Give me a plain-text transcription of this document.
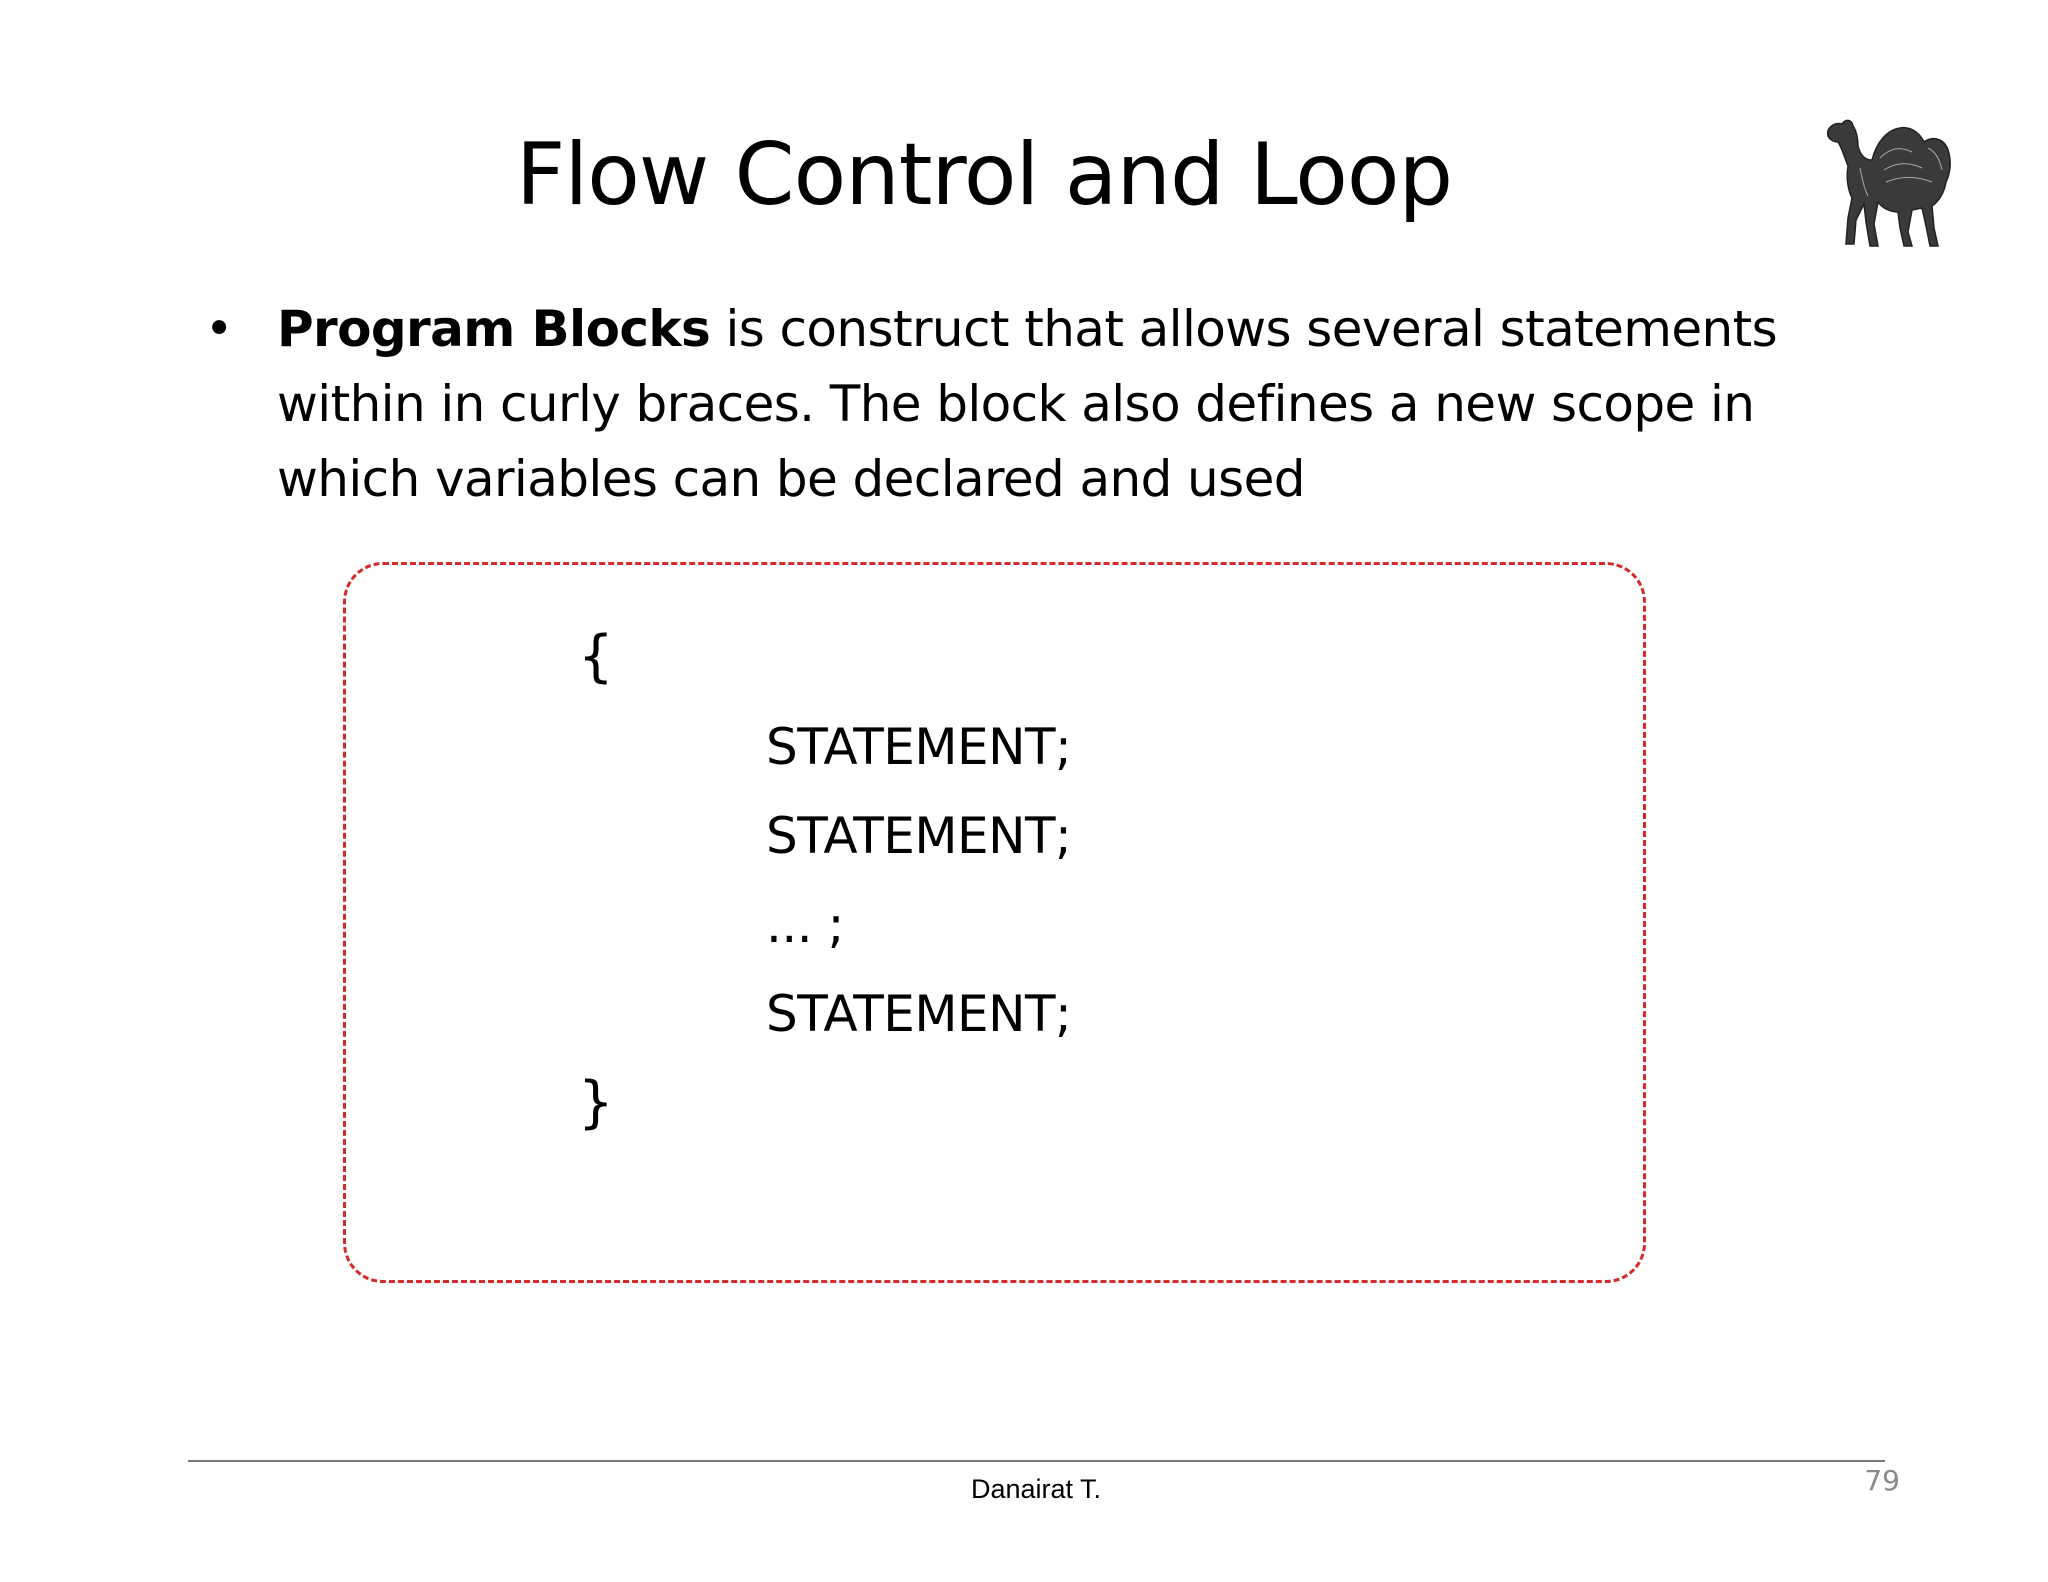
Flow Control and Loop
• Program Blocks is construct that allows several statements within in curly braces. The block also defines a new scope in which variables can be declared and used
{
STATEMENT;
STATEMENT;
... ;
STATEMENT;
}
Danairat T.	79
